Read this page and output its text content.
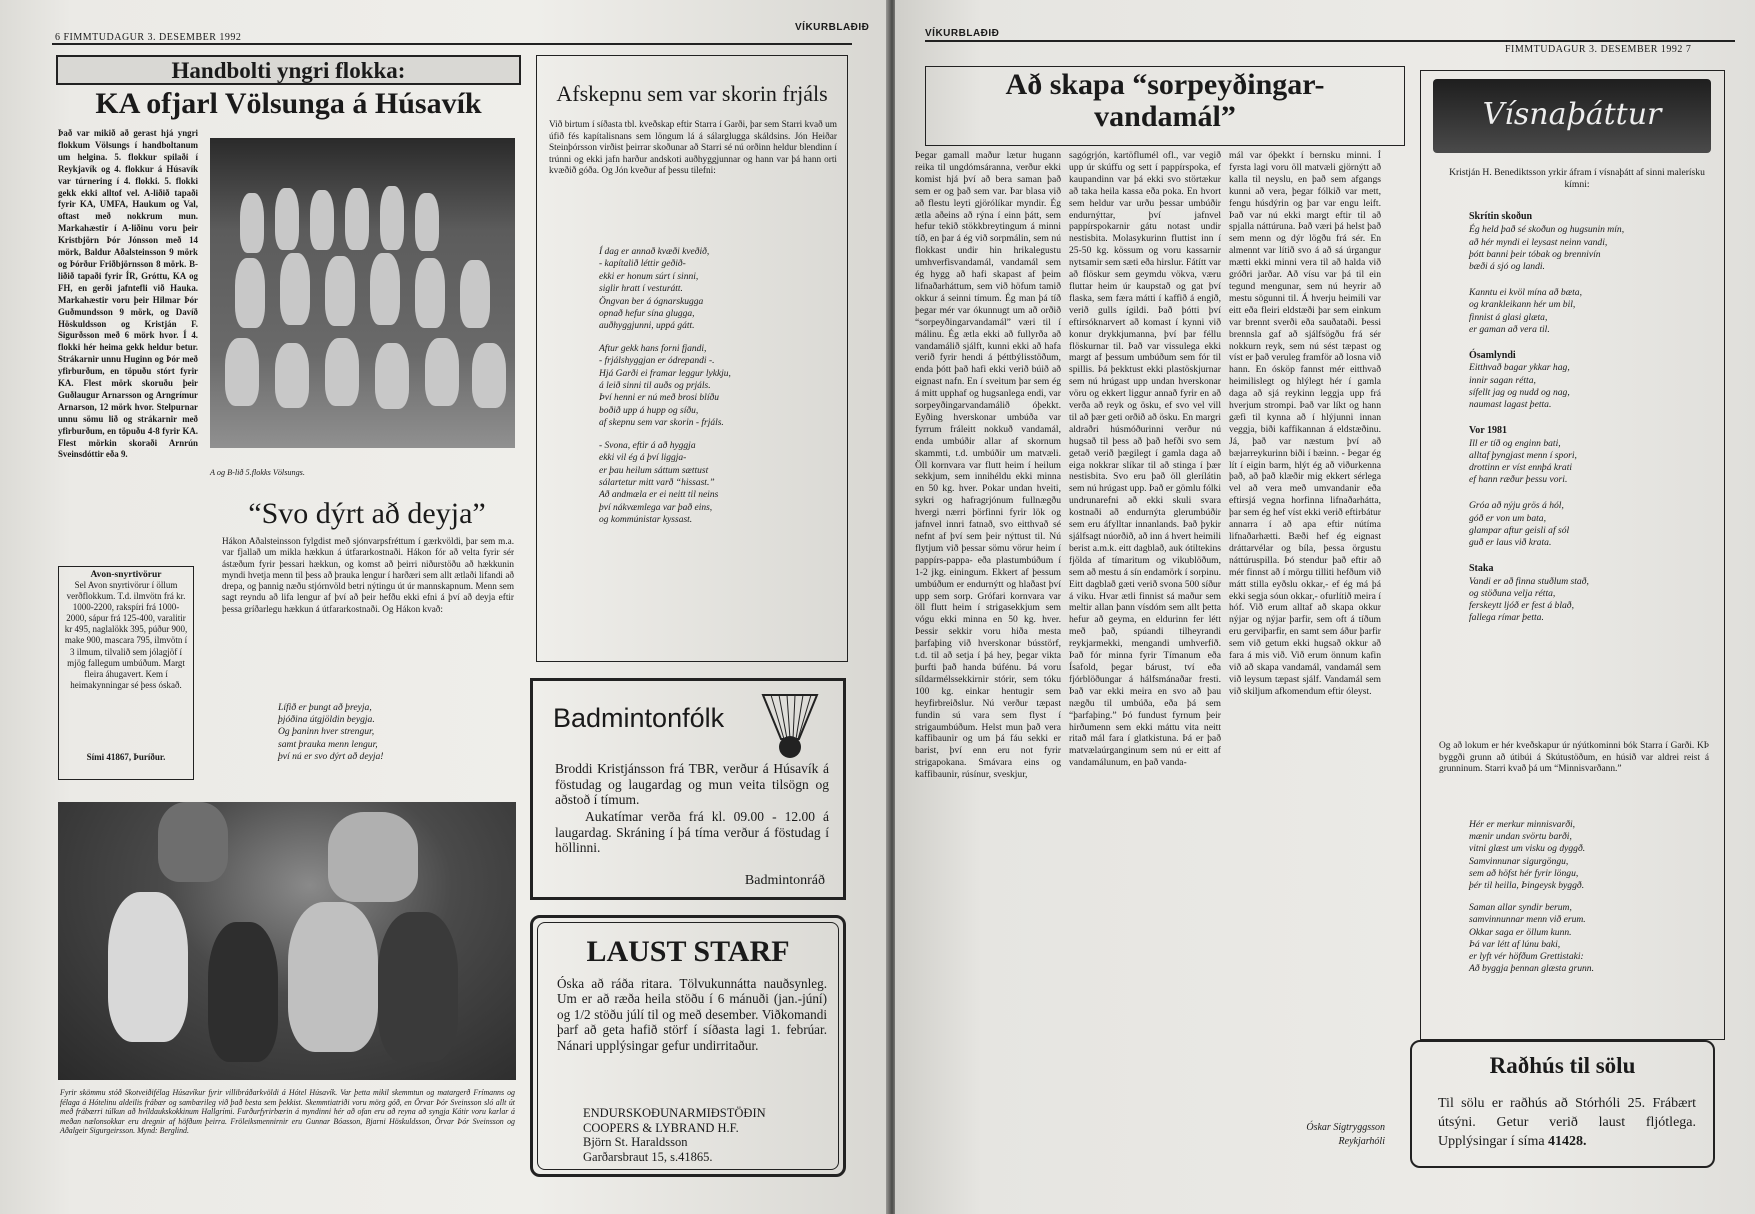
6 FIMMTUDAGUR 3. DESEMBER 1992
VÍKURBLAÐIÐ
Handbolti yngri flokka:
KA ofjarl Völsunga á Húsavík
Það var mikið að gerast hjá yngri flokkum Völsungs í handboltanum um helgina. 5. flokkur spilaði í Reykjavík og 4. flokkur á Húsavík var túrnering í 4. flokki. 5. flokki gekk ekki alltof vel. A-liðið tapaði fyrir KA, UMFA, Haukum og Val, oftast með nokkrum mun. Markahæstir í A-liðinu voru þeir Kristbjörn Þór Jónsson með 14 mörk, Baldur Aðalsteinsson 9 mörk og Þórður Friðbjörnsson 8 mörk. B-liðið tapaði fyrir ÍR, Gróttu, KA og FH, en gerði jafntefli við Hauka. Markahæstir voru þeir Hilmar Þór Guðmundsson 9 mörk, og Davíð Höskuldsson og Kristján F. Sigurðsson með 6 mörk hvor. Í 4. flokki hér heima gekk heldur betur. Strákarnir unnu Huginn og Þór með yfirburðum, en töpuðu stórt fyrir KA. Flest mörk skoruðu þeir Guðlaugur Arnarsson og Arngrímur Arnarson, 12 mörk hvor. Stelpurnar unnu sömu lið og strákarnir með yfirburðum, en töpuðu 4-8 fyrir KA. Flest mörkin skoraði Arnrún Sveinsdóttir eða 9.
A og B-lið 5.flokks Völsungs.
Avon-snyrtivörur
Sel Avon snyrtivörur í öllum verðflokkum. T.d. ilmvötn frá kr. 1000-2200, rakspíri frá 1000-2000, sápur frá 125-400, varalitir kr 495, naglalökk 395, púður 900, make 900, mascara 795, ilmvötn í 3 ilmum, tilvalið sem jólagjöf í mjög fallegum umbúðum. Margt fleira áhugavert. Kem í heimakynningar sé þess óskað.
Sími 41867, Þuríður.
“Svo dýrt að deyja”
Hákon Aðalsteinsson fylgdist með sjónvarpsfréttum í gærkvöldi, þar sem m.a. var fjallað um mikla hækkun á útfararkostnaði. Hákon fór að velta fyrir sér ástæðum fyrir þessari hækkun, og komst að þeirri niðurstöðu að hækkunin myndi hvetja menn til þess að þrauka lengur í harðæri sem allt ætlaði lifandi að drepa, og þannig næðu stjórnvöld betri nýtingu út úr mannskapnum. Menn sem sagt reyndu að lifa lengur af því að þeir hefðu ekki efni á því að deyja eftir þessa gríðarlegu hækkun á útfararkostnaði. Og Hákon kvað:
Lífið er þungt að þreyja,
þjóðina útgjöldin beygja.
Og þaninn hver strengur,
samt þrauka menn lengur,
því nú er svo dýrt að deyja!
Fyrir skömmu stóð Skotveiðifélag Húsavíkur fyrir villibráðarkvöldi á Hótel Húsavík. Var þetta mikil skemmtun og matargerð Frímanns og félaga á Hótelinu aldeilis frábær og sambærileg við það besta sem þekkist. Skemmtiatriði voru mörg góð, en Örvar Þór Sveinsson sló allt út með frábærri túlkun að hvíldaukskokkinum Hallgrími. Furðurfyrirbærin á myndinni hér að ofan eru að reyna að syngja Kátir voru karlar á meðan nælonsokkar eru dregnir af höfðum þeirra. Fröleiksmennirnir eru Gunnar Bóasson, Bjarni Höskuldsson, Örvar Þór Sveinsson og Aðalgeir Sigurgeirsson. Mynd: Berglind.
Afskepnu sem var skorin frjáls
Við birtum í síðasta tbl. kveðskap eftir Starra í Garði, þar sem Starri kvað um úfið fés kapítalisnans sem löngum lá á sálarglugga skáldsins. Jón Heiðar Steinþórsson virðist þeirrar skoðunar að Starri sé nú orðinn heldur blendinn í trúnni og ekki jafn harður andskoti auðhyggjunnar og hann var þá hann orti kvæðið góða. Og Jón kveður af þessu tilefni:
Í dag er annað kvæði kveðið,
- kapítalið léttir geðið-
ekki er honum súrt í sinni,
siglir hratt í vesturátt.
Öngvan ber á ógnarskugga
opnað hefur sína glugga,
auðhyggjunni, uppá gátt.
Aftur gekk hans forni fjandi,
- frjálshyggjan er ódrepandi -.
Hjá Garði ei framar leggur lykkju,
á leið sinni til auðs og prjáls.
Því henni er nú með brosi blíðu
boðið upp á hupp og síðu,
af skepnu sem var skorin - frjáls.
- Svona, eftir á að hyggja
ekki vil ég á því liggja-
er þau heilum sáttum sættust
sálartetur mitt varð “hissast.”
Að andmæla er ei neitt til neins
því nákvæmlega var það eins,
og kommúnistar kyssast.
Badmintonfólk
Broddi Kristjánsson frá TBR, verður á Húsavík á föstudag og laugardag og mun veita tilsögn og aðstoð í tímum.
Aukatímar verða frá kl. 09.00 - 12.00 á laugardag. Skráning í þá tíma verður á föstudag í höllinni.
Badmintonráð
LAUST STARF
Óska að ráða ritara. Tölvukunnátta nauðsynleg. Um er að ræða heila stöðu í 6 mánuði (jan.-júní) og 1/2 stöðu júlí til og með desember. Viðkomandi þarf að geta hafið störf í síðasta lagi 1. febrúar. Nánari upplýsingar gefur undirritaður.
ENDURSKOÐUNARMIÐSTÖÐIN
COOPERS & LYBRAND H.F.
Björn St. Haraldsson
Garðarsbraut 15, s.41865.
VÍKURBLAÐIÐ
FIMMTUDAGUR 3. DESEMBER 1992 7
Að skapa “sorpeyðingar-vandamál”
Þegar gamall maður lætur hugann reika til ungdómsáranna, verður ekki komist hjá því að bera saman það sem er og það sem var. Þar blasa við að flestu leyti gjörólíkar myndir. Ég ætla aðeins að rýna í einn þátt, sem hefur tekið stökkbreytingum á minni tíð, en þar á ég við sorpmálin, sem nú flokkast undir hin hrikalegustu umhverfisvandamál, vandamál sem ég hygg að hafi skapast af þeim lifnaðarháttum, sem við höfum tamið okkur á seinni tímum. Ég man þá tíð þegar mér var ókunnugt um að orðið “sorpeyðingarvandamál” væri til í málinu. Ég ætla ekki að fullyrða að vandamálið sjálft, kunni ekki að hafa verið fyrir hendi á þéttbýlisstöðum, enda þótt það hafi ekki verið búið að eignast nafn. En í sveitum þar sem ég á mitt upphaf og hugsanlega endi, var sorpeyðingarvandamálið óþekkt. Eyðing hverskonar umbúða var fyrrum fráleitt nokkuð vandamál, enda umbúðir allar af skornum skammti, t.d. umbúðir um matvæli. Öll kornvara var flutt heim í heilum sekkjum, sem innihéldu ekki minna en 50 kg. hver. Pokar undan hveiti, sykri og hafragrjónum fullnægðu hvergi nærri þörfinni fyrir lök og jafnvel innri fatnað, svo eitthvað sé nefnt af því sem þeir nýttust til. Nú flytjum við þessar sömu vörur heim í pappírs-pappa- eða plastumbúðum í 1-2 jkg. einingum. Ekkert af þessum umbúðum er endurnýtt og hlaðast því upp sem sorp. Grófari kornvara var öll flutt heim í strigasekkjum sem vógu ekki minna en 50 kg. hver. Þessir sekkir voru hiða mesta þarfaþing við hverskonar bússtörf, t.d. til að setja í þá hey, þegar vikta þurfti það handa búfénu. Þá voru síldarmélssekkirnir stórir, sem tóku 100 kg. einkar hentugir sem heyfirbreiðslur. Nú verður tæpast fundin sú vara sem flyst í strigaumbúðum. Helst mun það vera kaffibaunir og um þá fáu sekki er barist, því enn eru not fyrir strigapokana. Smávara eins og kaffibaunir, rúsínur, sveskjur,
sagógrjón, kartöflumél ofl., var vegið upp úr skúffu og sett í pappírspoka, ef kaupandinn var þá ekki svo störtækur að taka heila kassa eða poka. En hvort sem heldur var urðu þessar umbúðir endurnýttar, því jafnvel pappírspokarnir gátu notast undir nestisbita. Molasykurinn fluttist inn í 25-50 kg. kössum og voru kassarnir nytsamir sem sæti eða hirslur. Fátítt var að flöskur sem geymdu vökva, væru fluttar heim úr kaupstað og gat því flaska, sem færa mátti í kaffið á engið, verið gulls ígildi. Það þótti því eftirsóknarvert að komast í kynni við konur drykkjumanna, því þar féllu flöskurnar til. Það var vissulega ekki margt af þessum umbúðum sem fór til spillis. Þá þekktust ekki plastöskjurnar sem nú hrúgast upp undan hverskonar vöru og ekkert liggur annað fyrir en að verða að reyk og ösku, ef svo vel vill til að þær geti orðið að ösku. En margri aldraðri húsmóðurinni verður nú hugsað til þess að það hefði svo sem getað verið þægilegt í gamla daga að eiga nokkrar slíkar til að stinga í þær nestisbita. Svo eru það öll glerílátin sem nú hrúgast upp. Það er gömlu fólki undrunarefni að ekki skuli svara kostnaði að endurnýta glerumbúðir sem eru áfylltar innanlands. Það þykir sjálfsagt núorðið, að inn á hvert heimili berist a.m.k. eitt dagblað, auk ótiltekins fjölda af tímaritum og vikublöðum, sem að mestu á sín endamörk í sorpinu. Eitt dagblað gæti verið svona 500 síður á viku. Hvar ætli finnist sá maður sem meltir allan þann vísdóm sem allt þetta hefur að geyma, en eldurinn fer létt með það, spúandi tilheyrandi reykjarmekki, mengandi umhverfið. Það fór minna fyrir Tímanum eða Ísafold, þegar bárust, tví eða fjórblöðungar á hálfsmánaðar fresti. Það var ekki meira en svo að þau nægðu til umbúða, eða þá sem “þarfaþing.” Þó fundust fyrnum þeir hirðumenn sem ekki máttu vita neitt ritað mál fara í glatkistuna. Þá er það matvælaúrganginum sem nú er eitt af vandamálunum, en það vanda-
mál var óþekkt í bernsku minni. Í fyrsta lagi voru öll matvæli gjörnýtt að kalla til neyslu, en það sem afgangs kunni að vera, þegar fólkið var mett, fengu húsdýrin og þar var engu leift. Það var nú ekki margt eftir til að spjalla náttúruna. Það væri þá helst það sem menn og dýr lögðu frá sér. En almennt var lítið svo á að sá úrgangur mætti ekki minni vera til að halda við gróðri jarðar. Að vísu var þá til ein tegund mengunar, sem nú heyrir að mestu sögunni til. Á hverju heimili var eitt eða fleiri eldstæði þar sem einkum var brennt sverði eða sauðataði. Þessi brennsla gaf að sjálfsögðu frá sér nokkurn reyk, sem nú sést tæpast og víst er það veruleg framför að losna við hann. En ósköp fannst mér eitthvað heimilislegt og hlýlegt hér í gamla daga að sjá reykinn leggja upp frá hverjum strompi. Það var líkt og hann gæfi til kynna að í hlýjunni innan veggja, biði kaffikannan á eldstæðinu. Já, það var næstum því að bæjarreykurinn biði í bæinn. - Þegar ég lít í eigin barm, hlýt ég að viðurkenna það, að það klæðir mig ekkert sérlega vel að vera með umvandanir eða eftirsjá vegna horfinna lifnaðarhátta, þar sem ég hef víst ekki verið eftirbátur annarra í að apa eftir nútíma lifnaðarhætti. Bæði hef ég eignast dráttarvélar og bíla, þessa örgustu náttúruspilla. Þó stendur það eftir að mér finnst að í mörgu tilliti hefðum við mátt stilla eyðslu okkar,- ef ég má þá ekki segja sóun okkar,- ofurlítið meira í hóf. Við erum alltaf að skapa okkur nýjar og nýjar þarfir, sem oft á tíðum eru gerviþarfir, en samt sem áður þarfir sem við getum ekki hugsað okkur að fara á mis við. Við erum önnum kafin við að skapa vandamál, vandamál sem við leysum tæpast sjálf. Vandamál sem við skiljum afkomendum eftir óleyst.
Óskar Sigtryggsson
Reykjarhóli
Vísnaþáttur
Kristján H. Benediktsson yrkir áfram í vísnaþátt af sinni malerísku kímni:
Skrítin skoðun
Ég held það sé skoðun og hugsunin mín,
að hér myndi ei leysast neinn vandi,
þótt banni þeir tóbak og brennivín
bæði á sjó og landi.
Kanntu ei kvöl mína að bæta,
og krankleikann hér um bil,
finnist á glasi glæta,
er gaman að vera til.
Ósamlyndi
Eitthvað bagar ykkar hag,
innir sagan rétta,
sífellt jag og nudd og nag,
naumast lagast þetta.
Vor 1981
Ill er tíð og enginn bati,
alltaf þyngjast menn í spori,
drottinn er víst ennþá krati
ef hann ræður þessu vori.
Gróa að nýju grös á hól,
góð er von um bata,
glampar aftur geisli af sól
guð er laus við krata.
Staka
Vandi er að finna stuðlum stað,
og stöðuna velja rétta,
ferskeytt ljóð er fest á blað,
fallega rímar þetta.
Og að lokum er hér kveðskapur úr nýútkominni bók Starra í Garði. KÞ byggði grunn að útibúi á Skútustöðum, en húsið var aldrei reist á grunninum. Starri kvað þá um “Minnisvarðann.”
Hér er merkur minnisvarði,
mænir undan svörtu barði,
vitni glæst um visku og dyggð.
Samvinnunar sigurgöngu,
sem að höfst hér fyrir löngu,
þér til heilla, Þingeysk byggð.
Saman allar syndir berum,
samvinnunnar menn við erum.
Okkar saga er öllum kunn.
Þá var létt af lúnu baki,
er lyft vér höfðum Grettistaki:
Að byggja þennan glæsta grunn.
Raðhús til sölu
Til sölu er raðhús að Stórhóli 25. Frábært útsýni. Getur verið laust fljótlega. Upplýsingar í síma 41428.
